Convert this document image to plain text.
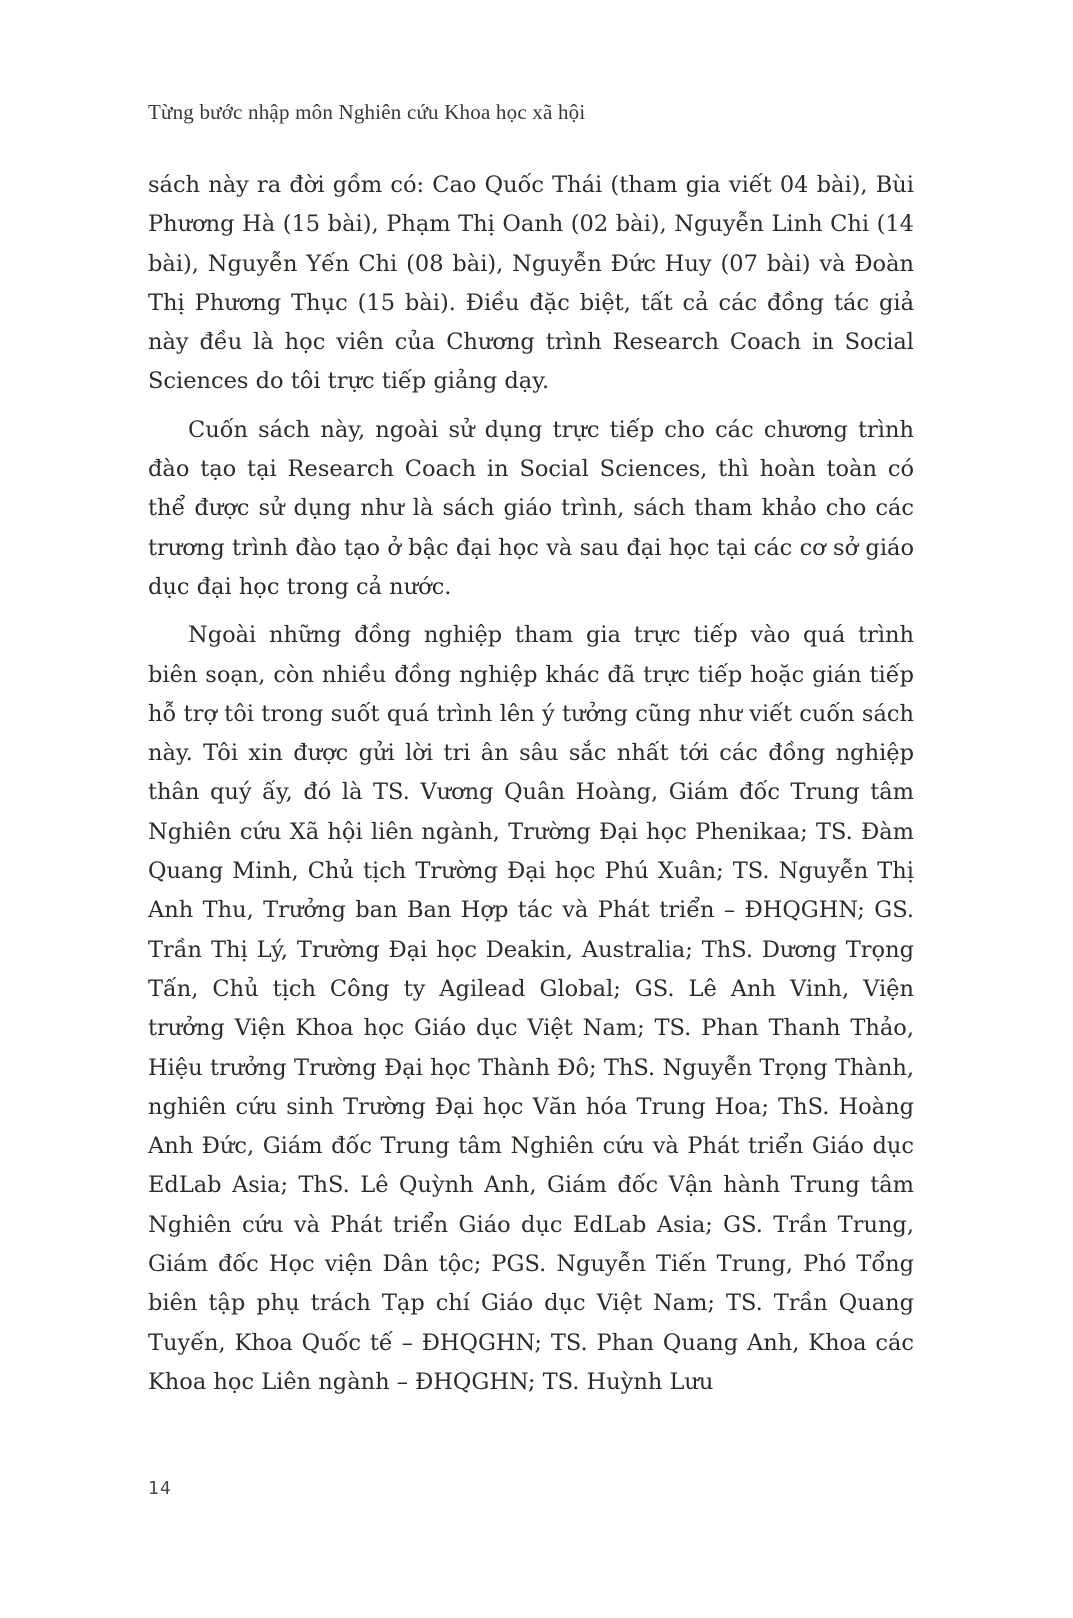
Từng bước nhập môn Nghiên cứu Khoa học xã hội

sách này ra đời gồm có: Cao Quốc Thái (tham gia viết 04 bài), Bùi Phương Hà (15 bài), Phạm Thị Oanh (02 bài), Nguyễn Linh Chi (14 bài), Nguyễn Yến Chi (08 bài), Nguyễn Đức Huy (07 bài) và Đoàn Thị Phương Thục (15 bài). Điều đặc biệt, tất cả các đồng tác giả này đều là học viên của Chương trình Research Coach in Social Sciences do tôi trực tiếp giảng dạy.

Cuốn sách này, ngoài sử dụng trực tiếp cho các chương trình đào tạo tại Research Coach in Social Sciences, thì hoàn toàn có thể được sử dụng như là sách giáo trình, sách tham khảo cho các trương trình đào tạo ở bậc đại học và sau đại học tại các cơ sở giáo dục đại học trong cả nước.

Ngoài những đồng nghiệp tham gia trực tiếp vào quá trình biên soạn, còn nhiều đồng nghiệp khác đã trực tiếp hoặc gián tiếp hỗ trợ tôi trong suốt quá trình lên ý tưởng cũng như viết cuốn sách này. Tôi xin được gửi lời tri ân sâu sắc nhất tới các đồng nghiệp thân quý ấy, đó là TS. Vương Quân Hoàng, Giám đốc Trung tâm Nghiên cứu Xã hội liên ngành, Trường Đại học Phenikaa; TS. Đàm Quang Minh, Chủ tịch Trường Đại học Phú Xuân; TS. Nguyễn Thị Anh Thu, Trưởng ban Ban Hợp tác và Phát triển – ĐHQGHN; GS. Trần Thị Lý, Trường Đại học Deakin, Australia; ThS. Dương Trọng Tấn, Chủ tịch Công ty Agilead Global; GS. Lê Anh Vinh, Viện trưởng Viện Khoa học Giáo dục Việt Nam; TS. Phan Thanh Thảo, Hiệu trưởng Trường Đại học Thành Đô; ThS. Nguyễn Trọng Thành, nghiên cứu sinh Trường Đại học Văn hóa Trung Hoa; ThS. Hoàng Anh Đức, Giám đốc Trung tâm Nghiên cứu và Phát triển Giáo dục EdLab Asia; ThS. Lê Quỳnh Anh, Giám đốc Vận hành Trung tâm Nghiên cứu và Phát triển Giáo dục EdLab Asia; GS. Trần Trung, Giám đốc Học viện Dân tộc; PGS. Nguyễn Tiến Trung, Phó Tổng biên tập phụ trách Tạp chí Giáo dục Việt Nam; TS. Trần Quang Tuyến, Khoa Quốc tế – ĐHQGHN; TS. Phan Quang Anh, Khoa các Khoa học Liên ngành – ĐHQGHN; TS. Huỳnh Lưu

14
